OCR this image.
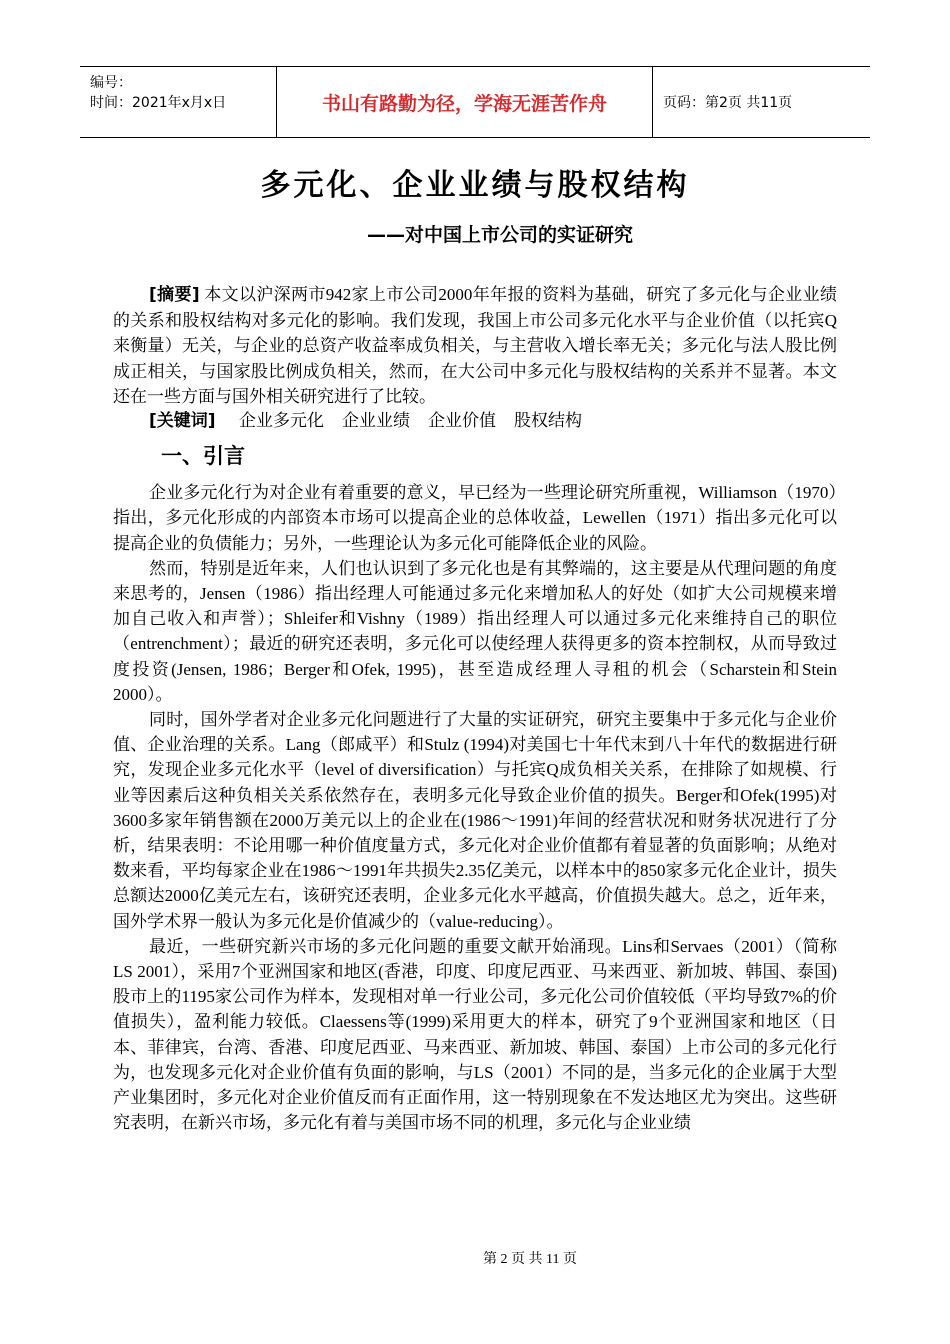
编号：
时间：2021年x月x日	书山有路勤为径，学海无涯苦作舟	页码：第2页 共11页
多元化、企业业绩与股权结构
——对中国上市公司的实证研究

[摘要] 本文以沪深两市942家上市公司2000年年报的资料为基础，研究了多元化与企业业绩的关系和股权结构对多元化的影响。我们发现，我国上市公司多元化水平与企业价值（以托宾Q来衡量）无关，与企业的总资产收益率成负相关，与主营收入增长率无关；多元化与法人股比例成正相关，与国家股比例成负相关，然而，在大公司中多元化与股权结构的关系并不显著。本文还在一些方面与国外相关研究进行了比较。

[关键词] 企业多元化 企业业绩 企业价值 股权结构

一、引言

企业多元化行为对企业有着重要的意义，早已经为一些理论研究所重视，Williamson（1970）指出，多元化形成的内部资本市场可以提高企业的总体收益，Lewellen（1971）指出多元化可以提高企业的负债能力；另外，一些理论认为多元化可能降低企业的风险。

然而，特别是近年来，人们也认识到了多元化也是有其弊端的，这主要是从代理问题的角度来思考的，Jensen（1986）指出经理人可能通过多元化来增加私人的好处（如扩大公司规模来增加自己收入和声誉）；Shleifer和Vishny（1989）指出经理人可以通过多元化来维持自己的职位（entrenchment）；最近的研究还表明，多元化可以使经理人获得更多的资本控制权，从而导致过度投资(Jensen, 1986；Berger和Ofek, 1995)，甚至造成经理人寻租的机会（Scharstein和Stein 2000）。

同时，国外学者对企业多元化问题进行了大量的实证研究，研究主要集中于多元化与企业价值、企业治理的关系。Lang（郎咸平）和Stulz (1994)对美国七十年代末到八十年代的数据进行研究，发现企业多元化水平（level of diversification）与托宾Q成负相关关系，在排除了如规模、行业等因素后这种负相关关系依然存在，表明多元化导致企业价值的损失。Berger和Ofek(1995)对3600多家年销售额在2000万美元以上的企业在(1986～1991)年间的经营状况和财务状况进行了分析，结果表明：不论用哪一种价值度量方式，多元化对企业价值都有着显著的负面影响；从绝对数来看，平均每家企业在1986～1991年共损失2.35亿美元，以样本中的850家多元化企业计，损失总额达2000亿美元左右，该研究还表明，企业多元化水平越高，价值损失越大。总之，近年来，国外学术界一般认为多元化是价值减少的（value-reducing）。

最近，一些研究新兴市场的多元化问题的重要文献开始涌现。Lins和Servaes（2001）（简称LS 2001），采用7个亚洲国家和地区(香港，印度、印度尼西亚、马来西亚、新加坡、韩国、泰国)股市上的1195家公司作为样本，发现相对单一行业公司，多元化公司价值较低（平均导致7%的价值损失），盈利能力较低。Claessens等(1999)采用更大的样本，研究了9个亚洲国家和地区（日本、菲律宾，台湾、香港、印度尼西亚、马来西亚、新加坡、韩国、泰国）上市公司的多元化行为，也发现多元化对企业价值有负面的影响，与LS（2001）不同的是，当多元化的企业属于大型产业集团时，多元化对企业价值反而有正面作用，这一特别现象在不发达地区尤为突出。这些研究表明，在新兴市场，多元化有着与美国市场不同的机理，多元化与企业业绩

第 2 页 共 11 页
